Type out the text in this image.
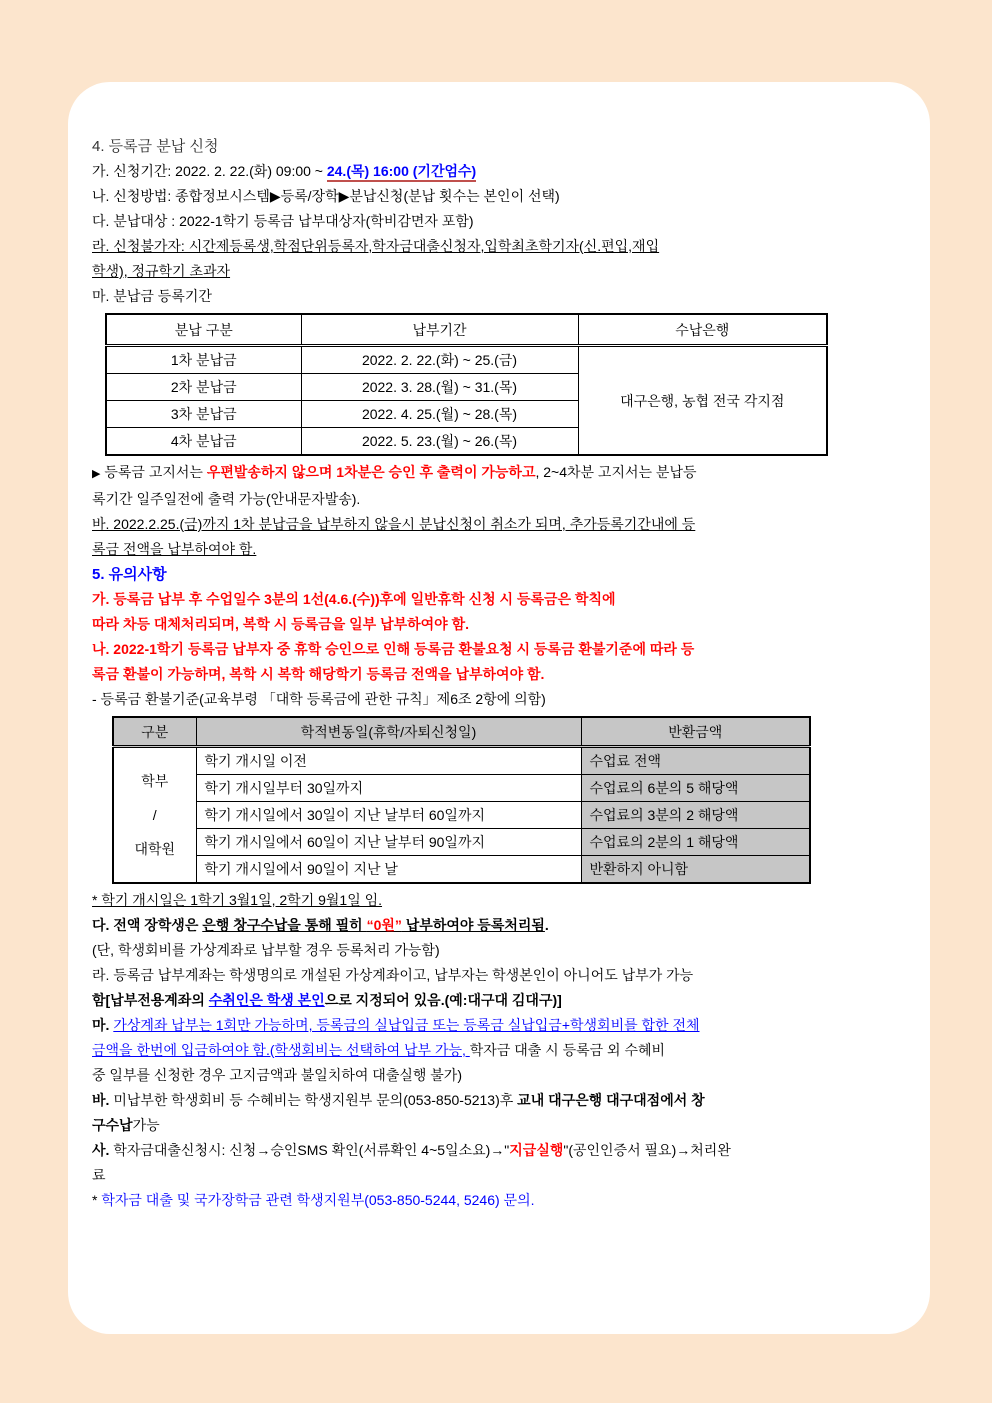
4. 등록금 분납 신청

가. 신청기간: 2022. 2. 22.(화) 09:00 ~ 24.(목) 16:00 (기간엄수)

나. 신청방법: 종합정보시스템▶등록/장학▶분납신청(분납 횟수는 본인이 선택)

다. 분납대상 : 2022-1학기 등록금 납부대상자(학비감면자 포함)

라. 신청불가자: 시간제등록생,학점단위등록자,학자금대출신청자,입학최초학기자(신.편입,재입

학생), 정규학기 초과자

마. 분납금 등록기간

분납 구분	납부기간	수납은행
1차 분납금	2022. 2. 22.(화) ~ 25.(금)	대구은행, 농협 전국 각지점
2차 분납금	2022. 3. 28.(월) ~ 31.(목)	
3차 분납금	2022. 4. 25.(월) ~ 28.(목)	
4차 분납금	2022. 5. 23.(월) ~ 26.(목)	

▶ 등록금 고지서는 우편발송하지 않으며 1차분은 승인 후 출력이 가능하고, 2~4차분 고지서는 분납등

록기간 일주일전에 출력 가능(안내문자발송).

바. 2022.2.25.(금)까지 1차 분납금을 납부하지 않을시 분납신청이 취소가 되며, 추가등록기간내에 등

록금 전액을 납부하여야 함.

5. 유의사항

가. 등록금 납부 후 수업일수 3분의 1선(4.6.(수))후에 일반휴학 신청 시 등록금은 학칙에

따라 차등 대체처리되며, 복학 시 등록금을 일부 납부하여야 함.

나. 2022-1학기 등록금 납부자 중 휴학 승인으로 인해 등록금 환불요청 시 등록금 환불기준에 따라 등

록금 환불이 가능하며, 복학 시 복학 해당학기 등록금 전액을 납부하여야 함.

- 등록금 환불기준(교육부령 「대학 등록금에 관한 규칙」제6조 2항에 의함)

구분	학적변동일(휴학/자퇴신청일)	반환금액

학부
/
대학원	학기 개시일 이전	수업료 전액
	학기 개시일부터 30일까지	수업료의 6분의 5 해당액
	학기 개시일에서 30일이 지난 날부터 60일까지	수업료의 3분의 2 해당액
	학기 개시일에서 60일이 지난 날부터 90일까지	수업료의 2분의 1 해당액
	학기 개시일에서 90일이 지난 날	반환하지 아니함

* 학기 개시일은 1학기 3월1일, 2학기 9월1일 임.

다. 전액 장학생은 은행 창구수납을 통해 필히 “0원” 납부하여야 등록처리됨.

(단, 학생회비를 가상계좌로 납부할 경우 등록처리 가능함)

라. 등록금 납부계좌는 학생명의로 개설된 가상계좌이고, 납부자는 학생본인이 아니어도 납부가 가능

함[납부전용계좌의 수취인은 학생 본인으로 지정되어 있음.(예:대구대 김대구)]

마. 가상계좌 납부는 1회만 가능하며, 등록금의 실납입금 또는 등록금 실납입금+학생회비를 합한 전체

금액을 한번에 입금하여야 함.(학생회비는 선택하여 납부 가능, 학자금 대출 시 등록금 외 수혜비

중 일부를 신청한 경우 고지금액과 불일치하여 대출실행 불가)

바. 미납부한 학생회비 등 수혜비는 학생지원부 문의(053-850-5213)후 교내 대구은행 대구대점에서 창

구수납가능

사. 학자금대출신청시: 신청→승인SMS 확인(서류확인 4~5일소요)→"지급실행"(공인인증서 필요)→처리완

료

* 학자금 대출 및 국가장학금 관련 학생지원부(053-850-5244, 5246) 문의.
